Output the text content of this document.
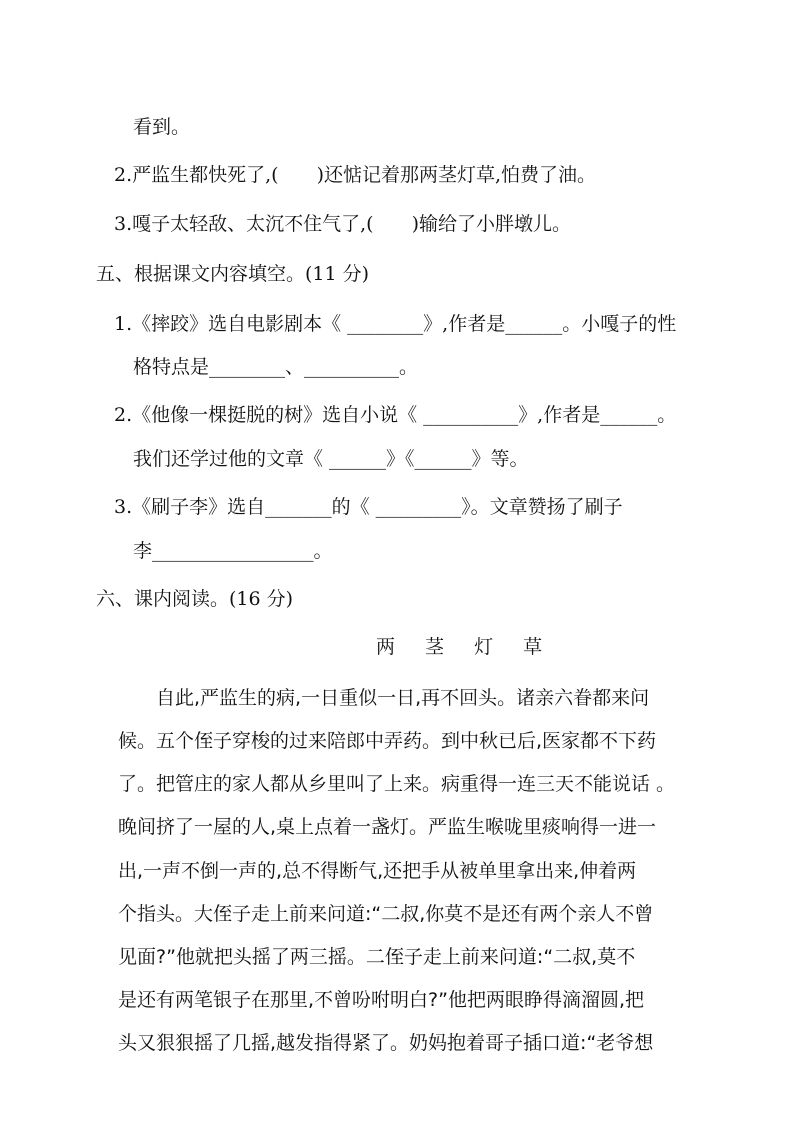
看到。
2.严监生都快死了,(　　)还惦记着那两茎灯草,怕费了油。
3.嘎子太轻敌、太沉不住气了,(　　)输给了小胖墩儿。
五、根据课文内容填空。(11 分)
1.《摔跤》选自电影剧本《 ________》,作者是______。小嘎子的性
格特点是________、__________。
2.《他像一棵挺脱的树》选自小说《 __________》,作者是______。
我们还学过他的文章《 ______》《______》等。
3.《刷子李》选自_______的《 _________》。文章赞扬了刷子
李_________________。
六、课内阅读。(16 分)
两 茎 灯 草
自此,严监生的病,一日重似一日,再不回头。诸亲六眷都来问
候。五个侄子穿梭的过来陪郎中弄药。到中秋已后,医家都不下药
了。把管庄的家人都从乡里叫了上来。病重得一连三天不能说话 。
晚间挤了一屋的人,桌上点着一盏灯。严监生喉咙里痰响得一进一
出,一声不倒一声的,总不得断气,还把手从被单里拿出来,伸着两
个指头。大侄子走上前来问道:“二叔,你莫不是还有两个亲人不曾
见面?”他就把头摇了两三摇。二侄子走上前来问道:“二叔,莫不
是还有两笔银子在那里,不曾吩咐明白?”他把两眼睁得滴溜圆,把
头又狠狠摇了几摇,越发指得紧了。奶妈抱着哥子插口道:“老爷想
